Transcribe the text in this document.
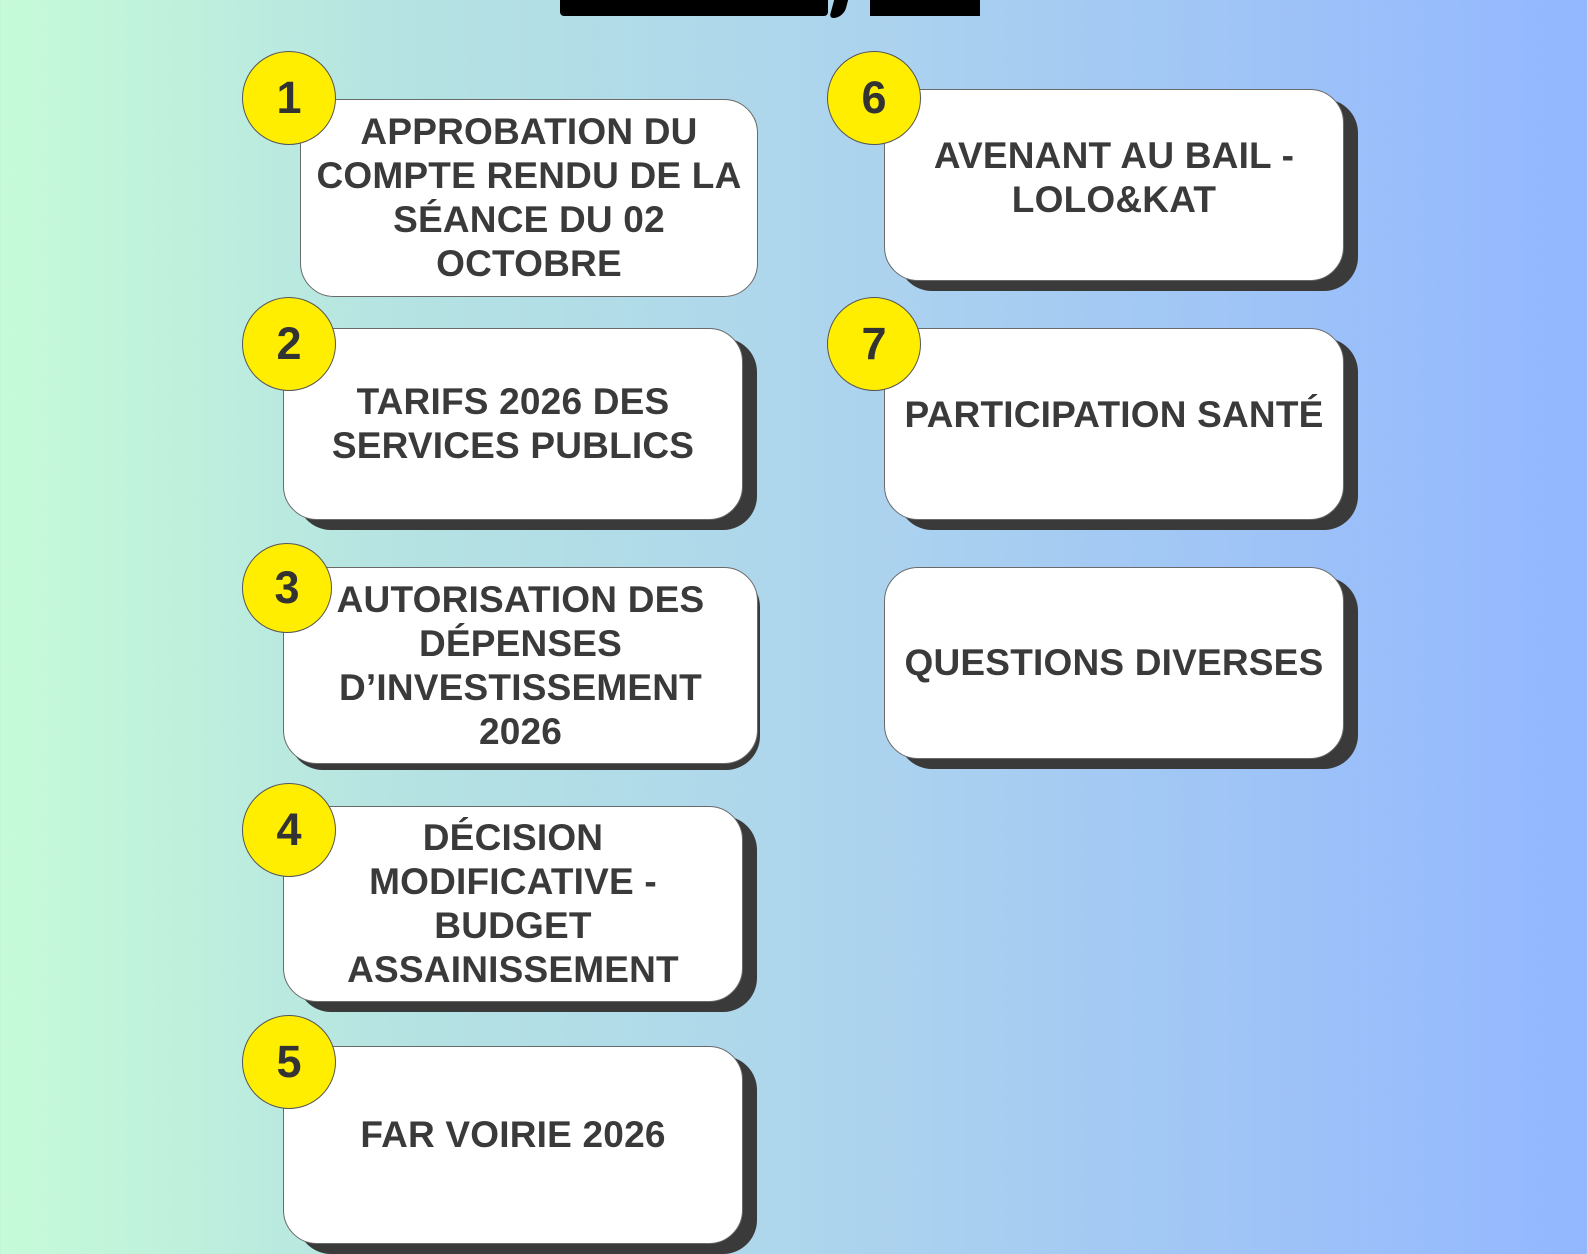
APPROBATION DU
COMPTE RENDU DE LA
SÉANCE DU 02
OCTOBRE
1
TARIFS 2026 DES
SERVICES PUBLICS
2
AUTORISATION DES
DÉPENSES
D’INVESTISSEMENT
2026
3
DÉCISION
MODIFICATIVE -
BUDGET
ASSAINISSEMENT
4
FAR VOIRIE 2026
5
AVENANT AU BAIL -
LOLO&KAT
6
PARTICIPATION SANTÉ
7
QUESTIONS DIVERSES
